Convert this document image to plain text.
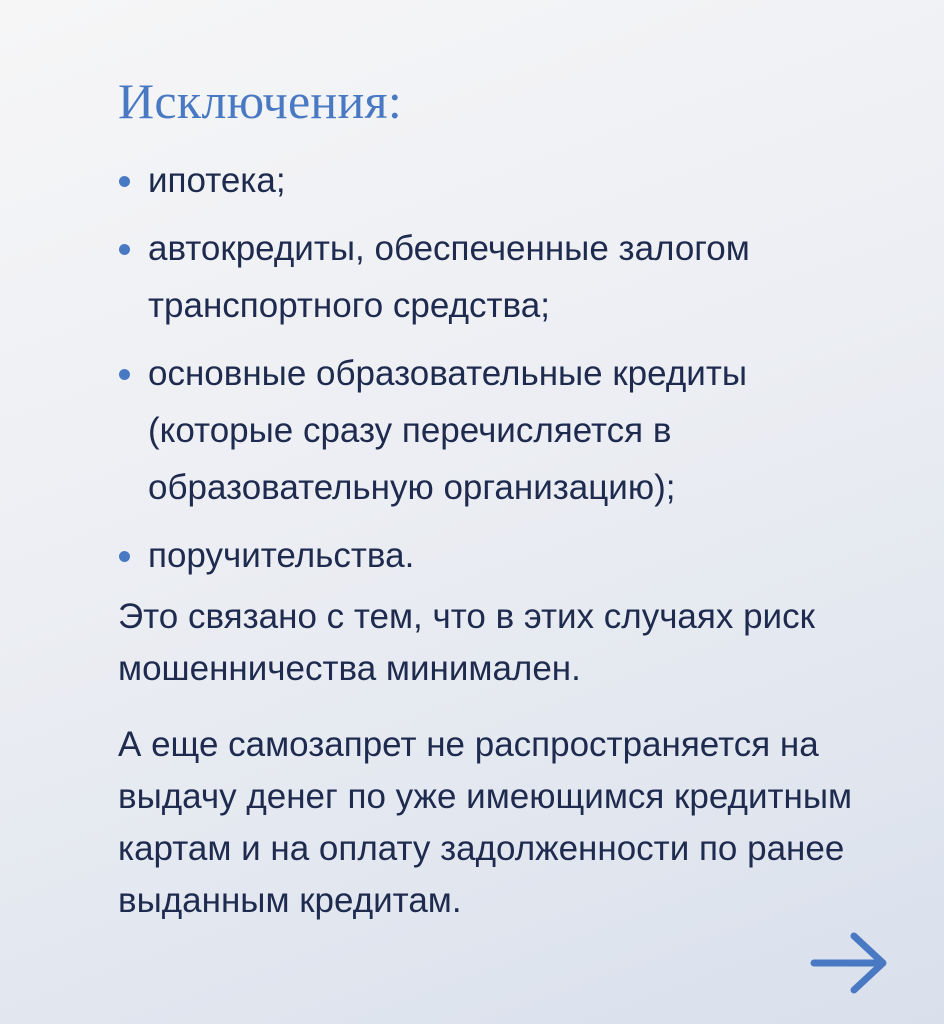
Исключения:
ипотека;
автокредиты, обеспеченные залогом транспортного средства;
основные образовательные кредиты (которые сразу перечисляется в образовательную организацию);
поручительства.

Это связано с тем, что в этих случаях риск мошенничества минимален.

А еще самозапрет не распространяется на выдачу денег по уже имеющимся кредитным картам и на оплату задолженности по ранее выданным кредитам.
